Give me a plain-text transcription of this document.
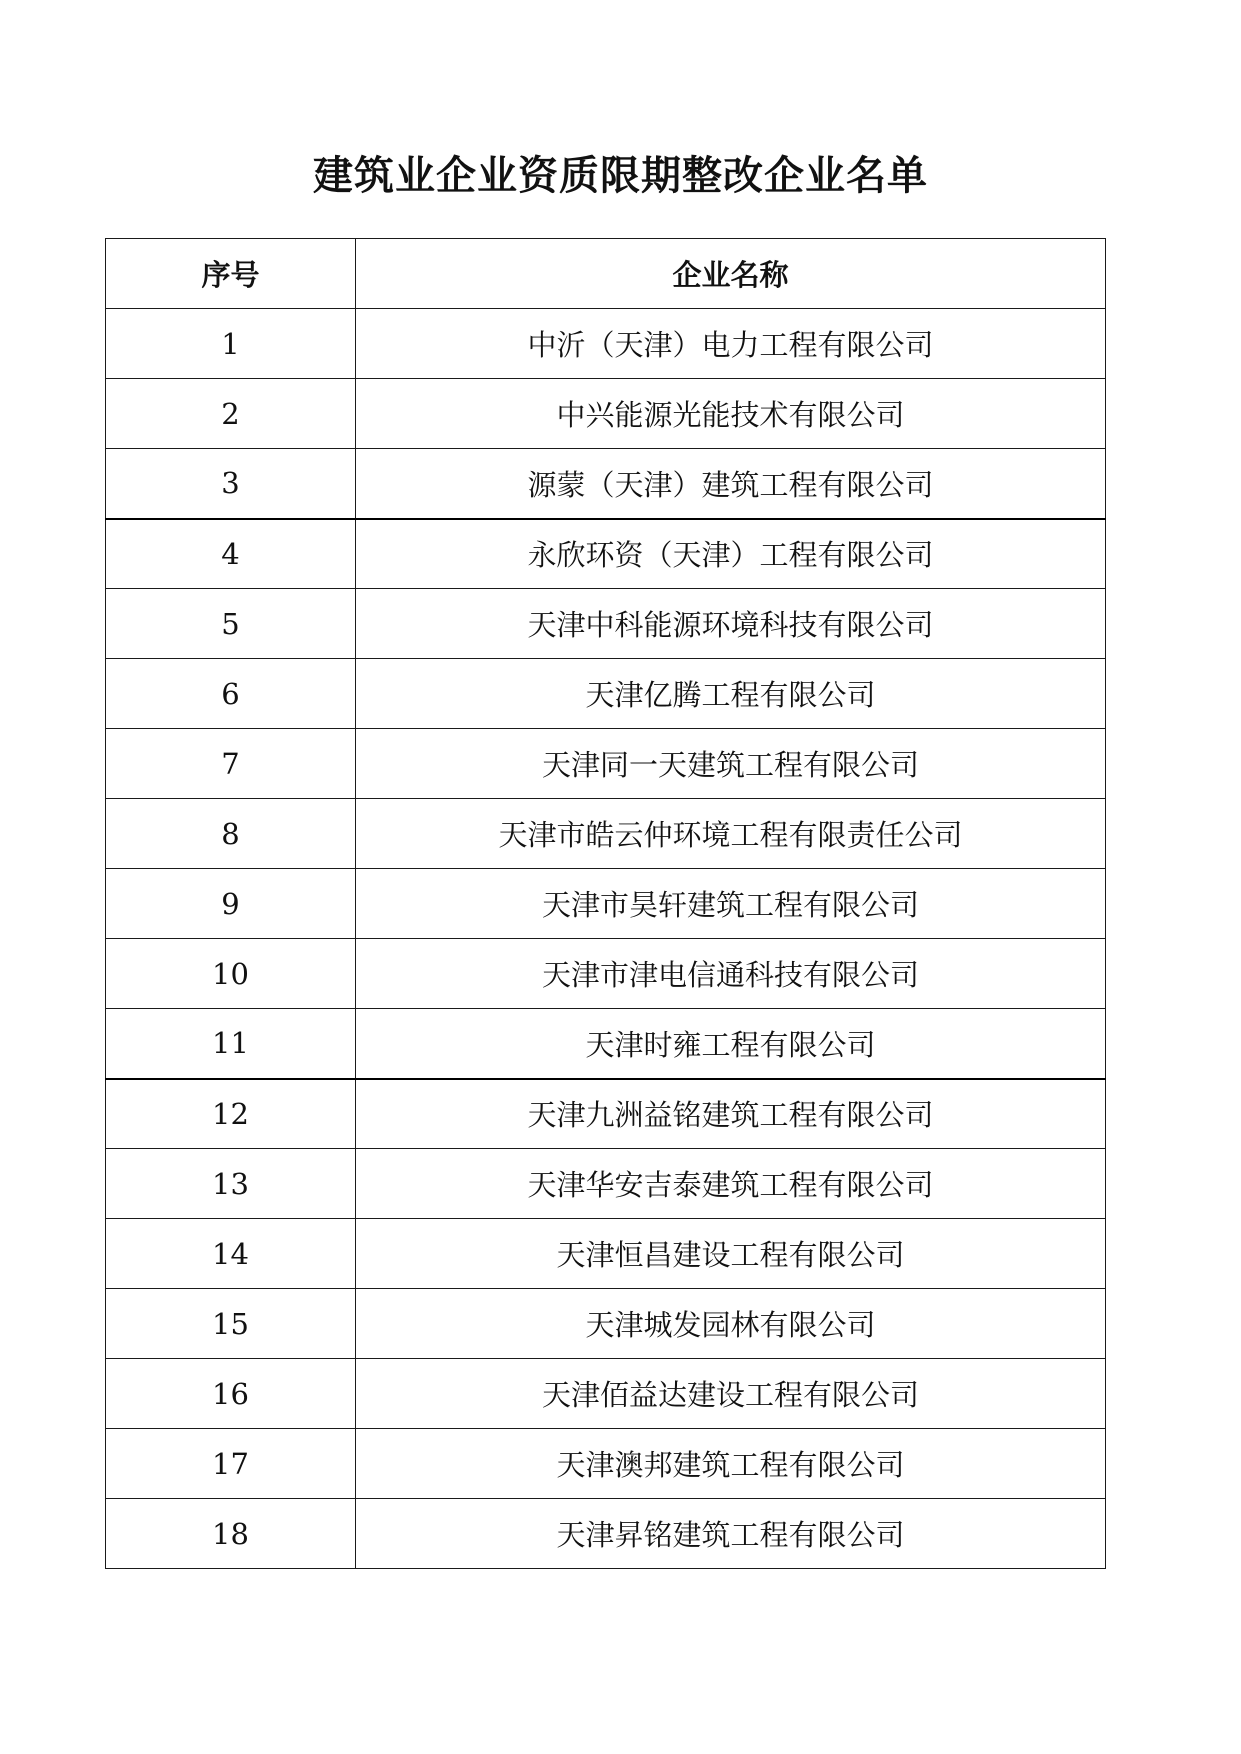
建筑业企业资质限期整改企业名单
序号	企业名称
1	中沂（天津）电力工程有限公司
2	中兴能源光能技术有限公司
3	源蒙（天津）建筑工程有限公司
4	永欣环资（天津）工程有限公司
5	天津中科能源环境科技有限公司
6	天津亿腾工程有限公司
7	天津同一天建筑工程有限公司
8	天津市皓云仲环境工程有限责任公司
9	天津市昊轩建筑工程有限公司
10	天津市津电信通科技有限公司
11	天津时雍工程有限公司
12	天津九洲益铭建筑工程有限公司
13	天津华安吉泰建筑工程有限公司
14	天津恒昌建设工程有限公司
15	天津城发园林有限公司
16	天津佰益达建设工程有限公司
17	天津澳邦建筑工程有限公司
18	天津昇铭建筑工程有限公司
